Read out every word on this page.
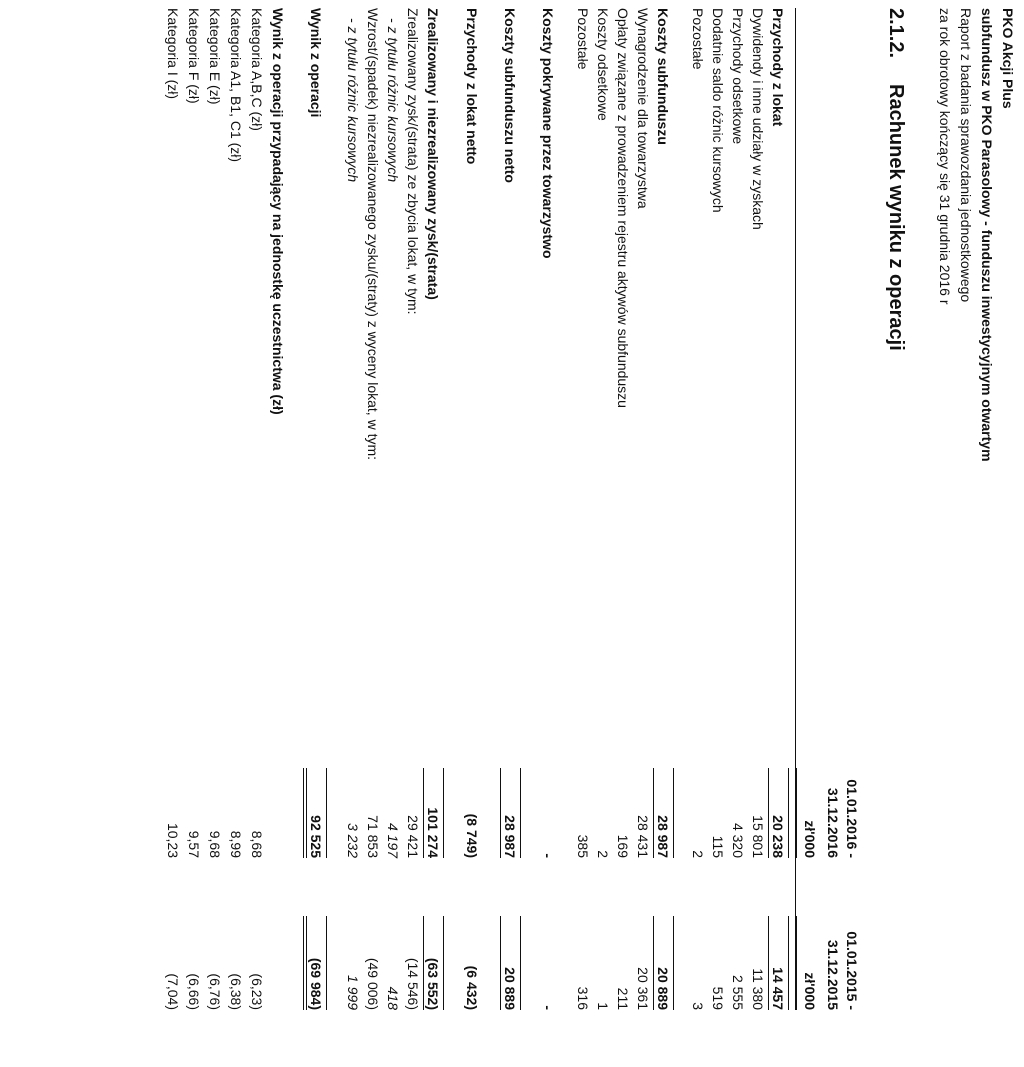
PKO Akcji Plus
subfundusz w PKO Parasolowy - funduszu inwestycyjnym otwartym
Raport z badania sprawozdania jednostkowego
za rok obrotowy kończący się 31 grudnia 2016 r
2.1.2.
Rachunek wyniku z operacji
01.01.2016 -
01.01.2015 -
31.12.2016
31.12.2015
zł'000
zł'000
Przychody z lokat
20 238
14 457
Dywidendy i inne udziały w zyskach
15 801
11 380
Przychody odsetkowe
4 320
2 555
Dodatnie saldo różnic kursowych
115
519
Pozostałe
2
3
Koszty subfunduszu
28 987
20 889
Wynagrodzenie dla towarzystwa
28 431
20 361
Opłaty związane z prowadzeniem rejestru aktywów subfunduszu
169
211
Koszty odsetkowe
2
1
Pozostałe
385
316
Koszty pokrywane przez towarzystwo
-
-
Koszty subfunduszu netto
28 987
20 889
Przychody z lokat netto
(8 749)
(6 432)
Zrealizowany i niezrealizowany zysk/(strata)
101 274
(63 552)
Zrealizowany zysk/(strata) ze zbycia lokat, w tym:
29 421
(14 546)
- z tytułu różnic kursowych
4 197
418
Wzrost/(spadek) niezrealizowanego zysku/(straty) z wyceny lokat, w tym:
71 853
(49 006)
- z tytułu różnic kursowych
3 232
1 999
Wynik z operacji
92 525
(69 984)
Wynik z operacji przypadający na jednostkę uczestnictwa (zł)
Kategoria A,B,C (zł)
8,68
(6,23)
Kategoria A1, B1, C1 (zł)
8,99
(6,38)
Kategoria E (zł)
9,68
(6,76)
Kategoria F (zł)
9,57
(6,66)
Kategoria I (zł)
10,23
(7,04)
